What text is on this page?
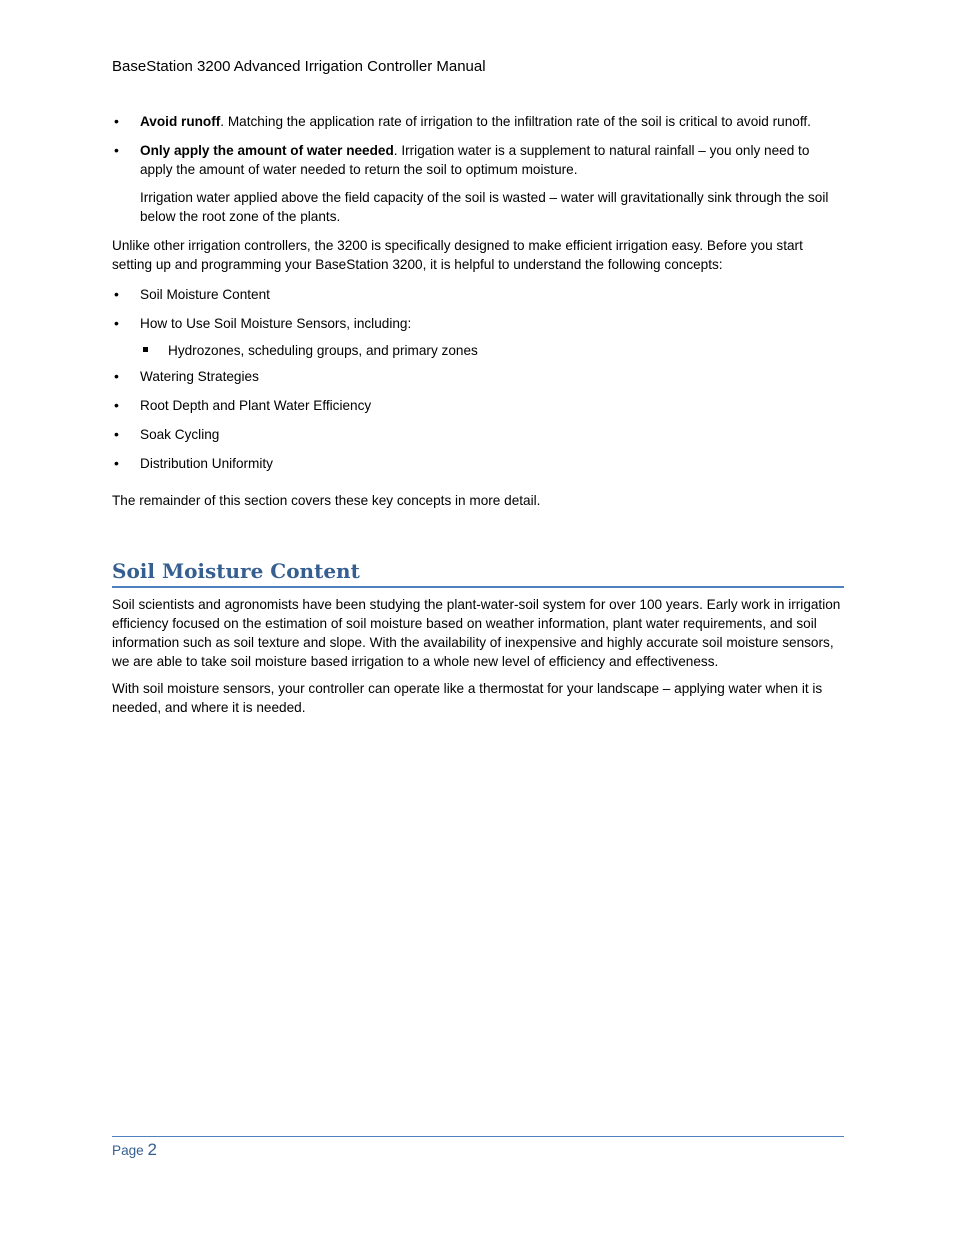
BaseStation 3200 Advanced Irrigation Controller Manual
• Avoid runoff. Matching the application rate of irrigation to the infiltration rate of the soil is critical to avoid runoff.

• Only apply the amount of water needed. Irrigation water is a supplement to natural rainfall – you only need to apply the amount of water needed to return the soil to optimum moisture.

Irrigation water applied above the field capacity of the soil is wasted – water will gravitationally sink through the soil below the root zone of the plants.

Unlike other irrigation controllers, the 3200 is specifically designed to make efficient irrigation easy. Before you start setting up and programming your BaseStation 3200, it is helpful to understand the following concepts:

• Soil Moisture Content
• How to Use Soil Moisture Sensors, including:
Hydrozones, scheduling groups, and primary zones
• Watering Strategies
• Root Depth and Plant Water Efficiency
• Soak Cycling
• Distribution Uniformity

The remainder of this section covers these key concepts in more detail.

Soil Moisture Content

Soil scientists and agronomists have been studying the plant-water-soil system for over 100 years. Early work in irrigation efficiency focused on the estimation of soil moisture based on weather information, plant water requirements, and soil information such as soil texture and slope. With the availability of inexpensive and highly accurate soil moisture sensors, we are able to take soil moisture based irrigation to a whole new level of efficiency and effectiveness.

With soil moisture sensors, your controller can operate like a thermostat for your landscape – applying water when it is needed, and where it is needed.

Page 2
